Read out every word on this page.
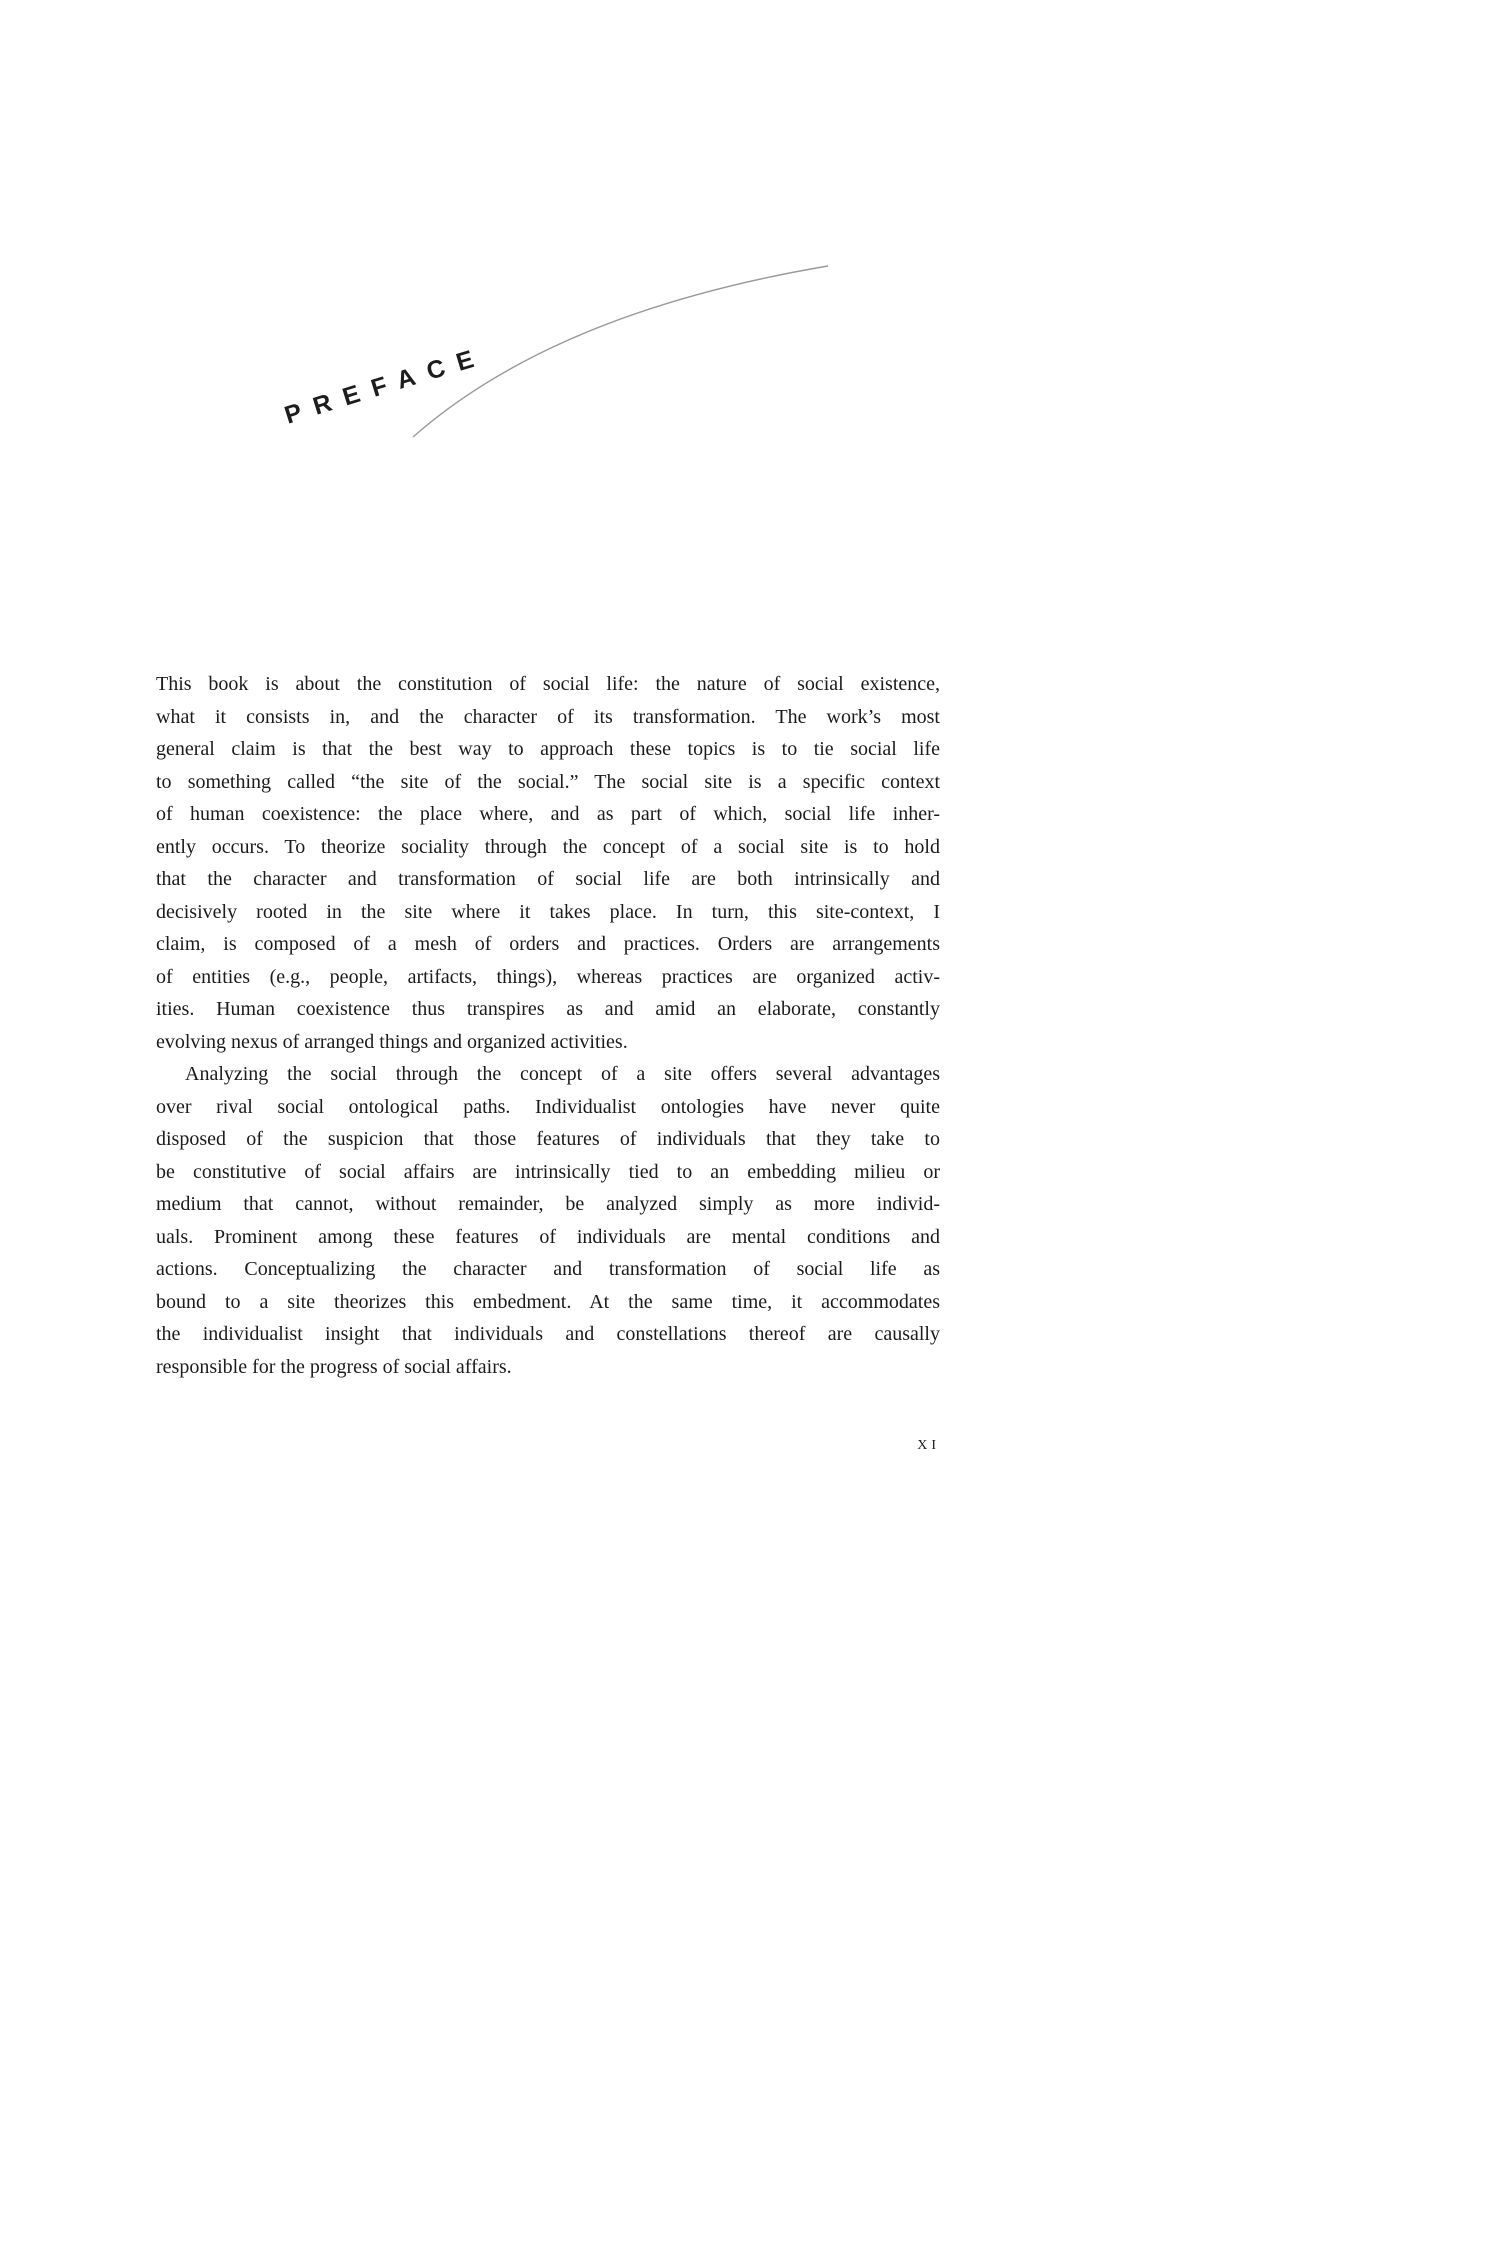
PREFACE
This book is about the constitution of social life: the nature of social existence,
what it consists in, and the character of its transformation. The work’s most
general claim is that the best way to approach these topics is to tie social life
to something called “the site of the social.” The social site is a specific context
of human coexistence: the place where, and as part of which, social life inher-
ently occurs. To theorize sociality through the concept of a social site is to hold
that the character and transformation of social life are both intrinsically and
decisively rooted in the site where it takes place. In turn, this site-context, I
claim, is composed of a mesh of orders and practices. Orders are arrangements
of entities (e.g., people, artifacts, things), whereas practices are organized activ-
ities. Human coexistence thus transpires as and amid an elaborate, constantly
evolving nexus of arranged things and organized activities.
Analyzing the social through the concept of a site offers several advantages
over rival social ontological paths. Individualist ontologies have never quite
disposed of the suspicion that those features of individuals that they take to
be constitutive of social affairs are intrinsically tied to an embedding milieu or
medium that cannot, without remainder, be analyzed simply as more individ-
uals. Prominent among these features of individuals are mental conditions and
actions. Conceptualizing the character and transformation of social life as
bound to a site theorizes this embedment. At the same time, it accommodates
the individualist insight that individuals and constellations thereof are causally
responsible for the progress of social affairs.
XI
